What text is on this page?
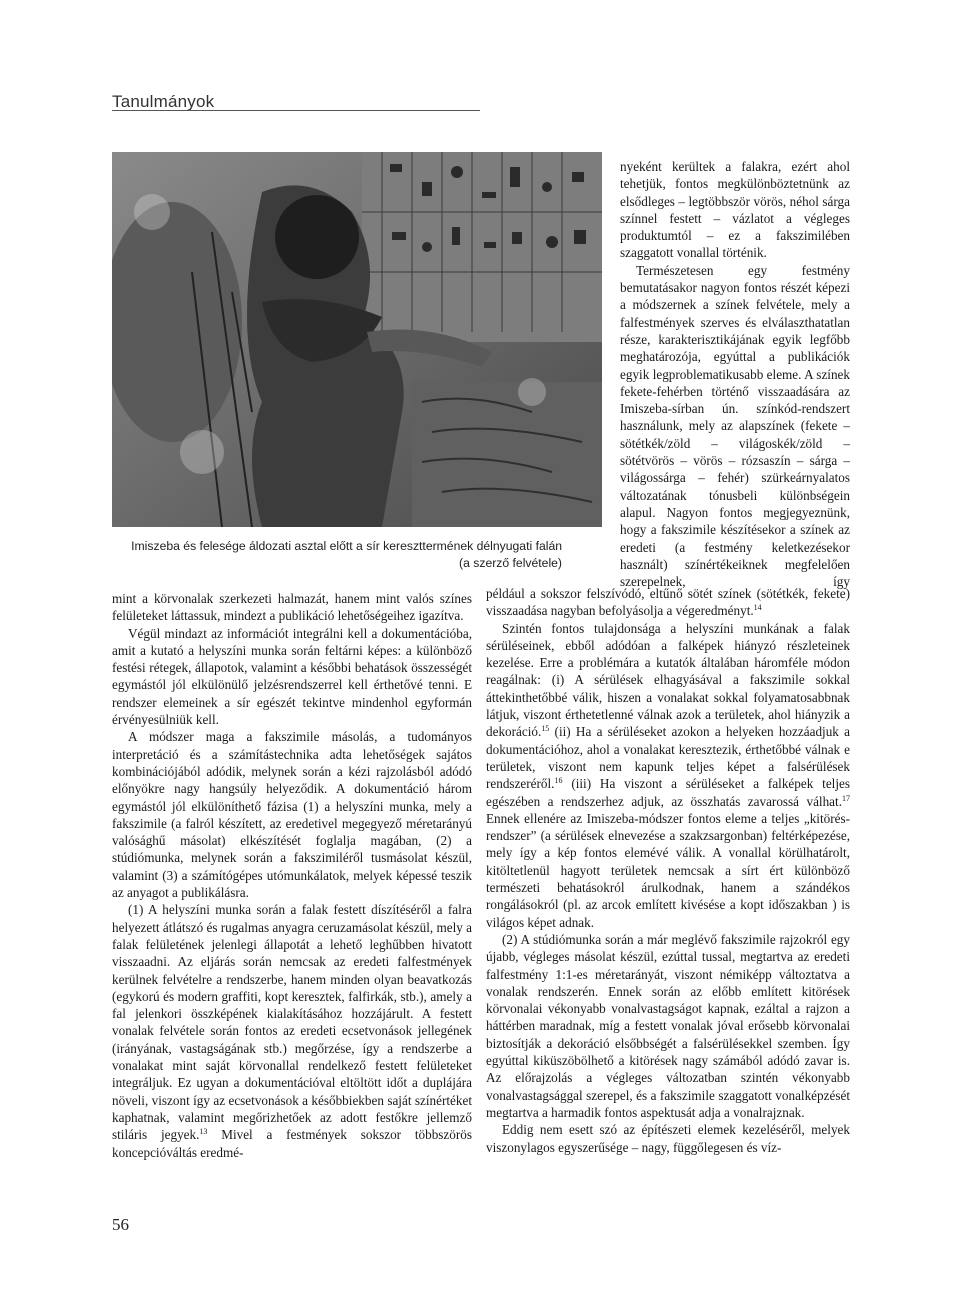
Tanulmányok

Imiszeba és felesége áldozati asztal előtt a sír kereszttermének délnyugati falán

(a szerző felvétele)

mint a körvonalak szerkezeti halmazát, hanem mint valós színes felületeket láttassuk, mindezt a publikáció lehetőségeihez igazítva.

Végül mindazt az információt integrálni kell a dokumentációba, amit a kutató a helyszíni munka során feltárni képes: a különböző festési rétegek, állapotok, valamint a későbbi behatások összességét egymástól jól elkülönülő jelzésrendszerrel kell érthetővé tenni. E rendszer elemeinek a sír egészét tekintve mindenhol egyformán érvényesülniük kell.

A módszer maga a fakszimile másolás, a tudományos interpretáció és a számítástechnika adta lehetőségek sajátos kombinációjából adódik, melynek során a kézi rajzolásból adódó előnyökre nagy hangsúly helyeződik. A dokumentáció három egymástól jól elkülöníthető fázisa (1) a helyszíni munka, mely a fakszimile (a falról készített, az eredetivel megegyező méretarányú valósághű másolat) elkészítését foglalja magában, (2) a stúdiómunka, melynek során a fakszimiléről tusmásolat készül, valamint (3) a számítógépes utómunkálatok, melyek képessé teszik az anyagot a publikálásra.

(1) A helyszíni munka során a falak festett díszítéséről a falra helyezett átlátszó és rugalmas anyagra ceruzamásolat készül, mely a falak felületének jelenlegi állapotát a lehető leghűbben hivatott visszaadni. Az eljárás során nemcsak az eredeti falfestmények kerülnek felvételre a rendszerbe, hanem minden olyan beavatkozás (egykorú és modern graffiti, kopt keresztek, falfirkák, stb.), amely a fal jelenkori összképének kialakításához hozzájárult. A festett vonalak felvétele során fontos az eredeti ecsetvonások jellegének (irányának, vastagságának stb.) megőrzése, így a rendszerbe a vonalakat mint saját körvonallal rendelkező festett felületeket integráljuk. Ez ugyan a dokumentációval eltöltött időt a duplájára növeli, viszont így az ecsetvonások a későbbiekben saját színértéket kaphatnak, valamint megőrizhetőek az adott festőkre jellemző stiláris jegyek.$^{13}$ Mivel a festmények sokszor többszörös koncepcióváltás eredmé-

nyeként kerültek a falakra, ezért ahol tehetjük, fontos megkülönböztetnünk az elsődleges – legtöbbször vörös, néhol sárga színnel festett – vázlatot a végleges produktumtól – ez a fakszimilében szaggatott vonallal történik.

Természetesen egy festmény bemutatásakor nagyon fontos részét képezi a módszernek a színek felvétele, mely a falfestmények szerves és elválaszthatatlan része, karakterisztikájának egyik legfőbb meghatározója, egyúttal a publikációk egyik legproblematikusabb eleme. A színek fekete-fehérben történő visszaadására az Imiszeba-sírban ún. színkód-rendszert használunk, mely az alapszínek (fekete – sötétkék/zöld – világoskék/zöld – sötétvörös – vörös – rózsaszín – sárga – világossárga – fehér) szürkeárnyalatos változatának tónusbeli különbségein alapul. Nagyon fontos megjegyeznünk, hogy a fakszimile készítésekor a színek az eredeti (a festmény keletkezésekor használt) színértékeiknek megfelelően szerepelnek, így

például a sokszor felszívódó, eltűnő sötét színek (sötétkék, fekete) visszaadása nagyban befolyásolja a végeredményt.$^{14}$

Szintén fontos tulajdonsága a helyszíni munkának a falak sérüléseinek, ebből adódóan a falképek hiányzó részleteinek kezelése. Erre a problémára a kutatók általában háromféle módon reagálnak: (i) A sérülések elhagyásával a fakszimile sokkal áttekinthetőbbé válik, hiszen a vonalakat sokkal folyamatosabbnak látjuk, viszont érthetetlenné válnak azok a területek, ahol hiányzik a dekoráció.$^{15}$ (ii) Ha a sérüléseket azokon a helyeken hozzáadjuk a dokumentációhoz, ahol a vonalakat keresztezik, érthetőbbé válnak e területek, viszont nem kapunk teljes képet a falsérülések rendszeréről.$^{16}$ (iii) Ha viszont a sérüléseket a falképek teljes egészében a rendszerhez adjuk, az összhatás zavarossá válhat.$^{17}$ Ennek ellenére az Imiszeba-módszer fontos eleme a teljes „kitörés-rendszer” (a sérülések elnevezése a szakzsargonban) feltérképezése, mely így a kép fontos elemévé válik. A vonallal körülhatárolt, kitöltetlenül hagyott területek nemcsak a sírt ért különböző természeti behatásokról árulkodnak, hanem a szándékos rongálásokról (pl. az arcok említett kivésése a kopt időszakban ) is világos képet adnak.

(2) A stúdiómunka során a már meglévő fakszimile rajzokról egy újabb, végleges másolat készül, ezúttal tussal, megtartva az eredeti falfestmény 1:1-es méretarányát, viszont némiképp változtatva a vonalak rendszerén. Ennek során az előbb említett kitörések körvonalai vékonyabb vonalvastagságot kapnak, ezáltal a rajzon a háttérben maradnak, míg a festett vonalak jóval erősebb körvonalai biztosítják a dekoráció elsőbbségét a falsérülésekkel szemben. Így egyúttal kiküszöbölhető a kitörések nagy számából adódó zavar is. Az előrajzolás a végleges változatban szintén vékonyabb vonalvastagsággal szerepel, és a fakszimile szaggatott vonalképzését megtartva a harmadik fontos aspektusát adja a vonalrajznak.

Eddig nem esett szó az építészeti elemek kezeléséről, melyek viszonylagos egyszerűsége – nagy, függőlegesen és víz-

56
